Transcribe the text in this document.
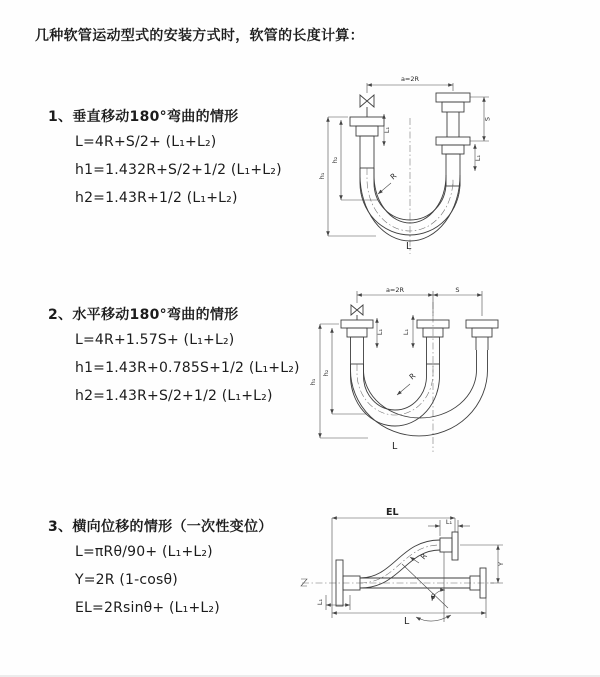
几种软管运动型式的安装方式时，软管的长度计算：
1、垂直移动180°弯曲的情形
L=4R+S/2+ (L₁+L₂)
h1=1.432R+S/2+1/2 (L₁+L₂)
h2=1.43R+1/2 (L₁+L₂)
a=2R
S
L₁
L₁
h₁
h₂
R
L
2、水平移动180°弯曲的情形
L=4R+1.57S+ (L₁+L₂)
h1=1.43R+0.785S+1/2 (L₁+L₂)
h2=1.43R+S/2+1/2 (L₁+L₂)
a=2R	S
h₁
h₂
L₁	L₁
R
L
3、横向位移的情形（一次性变位）
L=πRθ/90+ (L₁+L₂)
Y=2R (1-cosθ)
EL=2Rsinθ+ (L₁+L₂)
EL
L₁
Y
R
θ
L
L₁
